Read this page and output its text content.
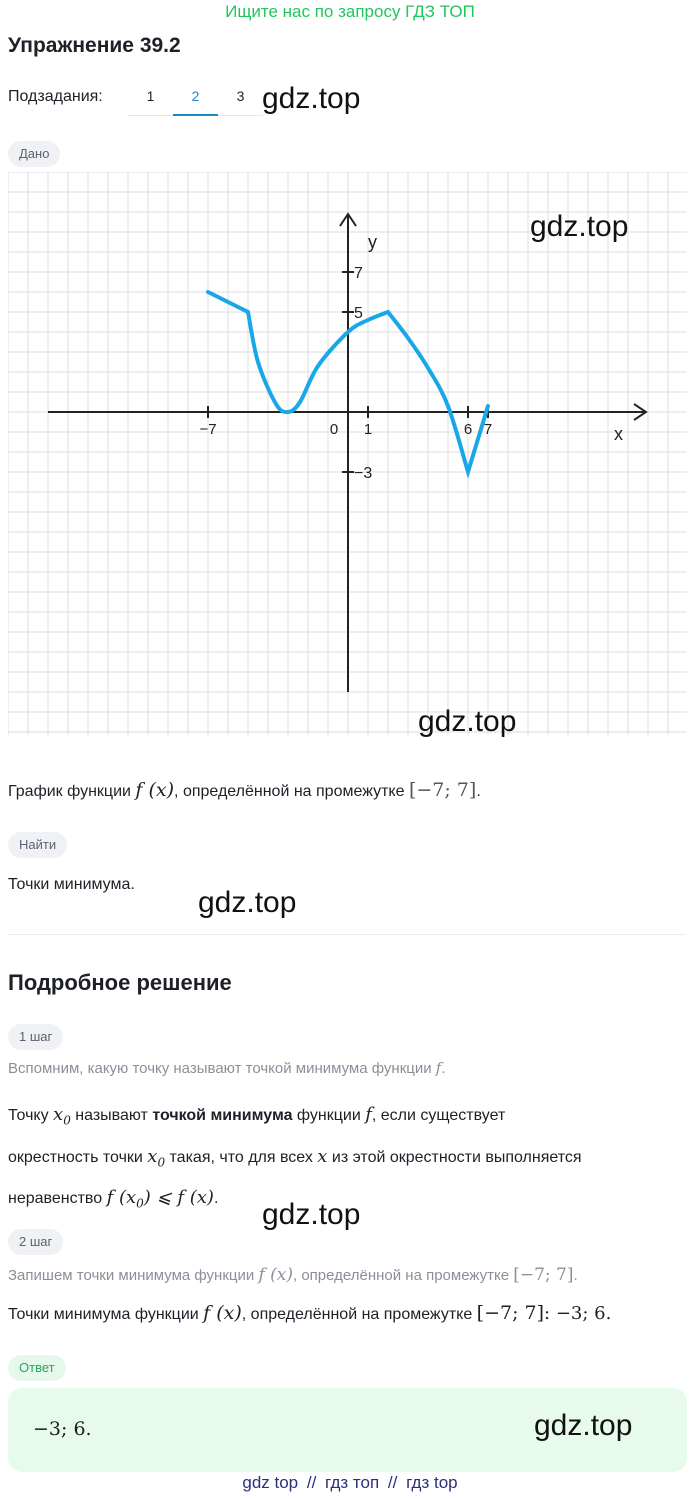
Ищите нас по запросу ГДЗ ТОП
Упражнение 39.2
Подзадания:	1	2	3 gdz.top
Дано
−7	0 1	6 7
7
5
−3
x
y	gdz.top
gdz.top
График функции f (x), определённой на промежутке [−7; 7].
Найти
Точки минимума.
gdz.top
Подробное решение
1 шаг
Вспомним, какую точку называют точкой минимума функции f.
Точку $x_0$ называют точкой минимума функции f, если существует
окрестность точки $x_0$ такая, что для всех x из этой окрестности выполняется
неравенство f $(x_0)$ ⩽ f (x).	gdz.top
2 шаг
Запишем точки минимума функции f (x), определённой на промежутке [−7; 7].
Точки минимума функции f (x), определённой на промежутке [−7; 7]: −3; 6.
Ответ
−3; 6.	gdz.top
gdz top // гдз топ // гдз top
